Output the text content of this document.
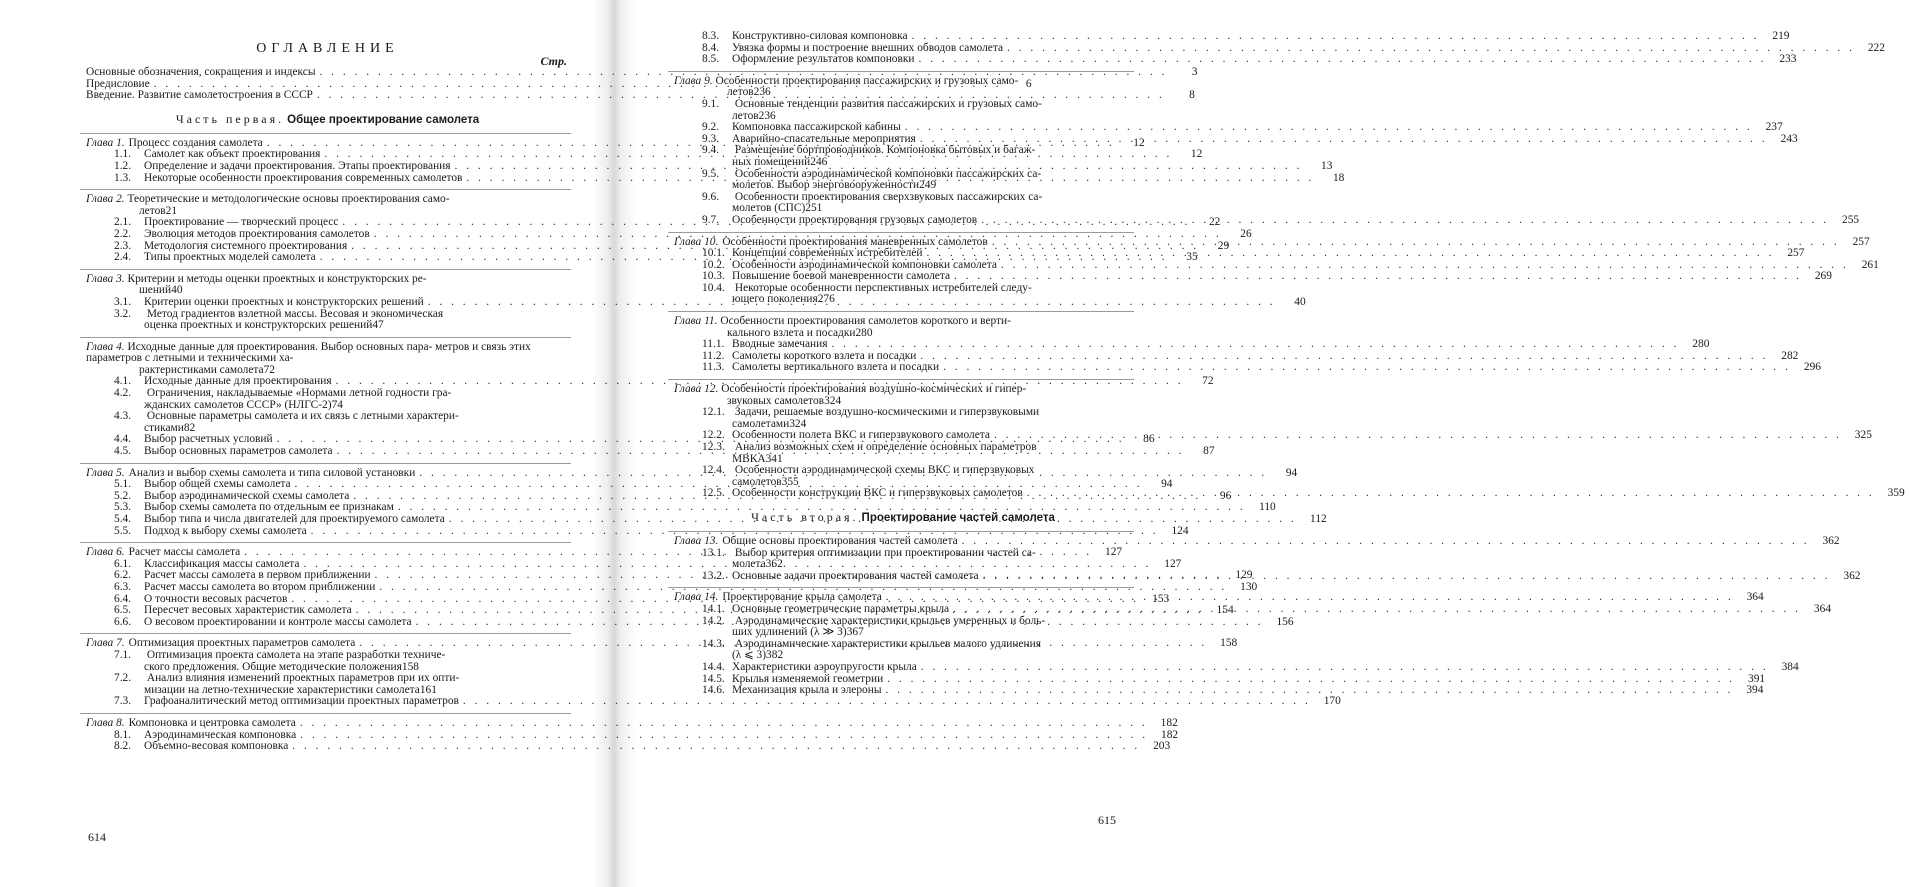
ОГЛАВЛЕНИЕ
Стр.
Основные обозначения, сокращения и индексы . . .	3
Предисловие . . .	6
Введение. Развитие самолетостроения в СССР . . .	8
Часть первая. Общее проектирование самолета
Глава 1. Процесс создания самолета . . .	12
1.1.	Самолет как объект проектирования . . .	12
1.2.	Определение и задачи проектирования. Этапы проектирования . . .	13
1.3.	Некоторые особенности проектирования современных самолетов . . .	18
Глава 2. Теоретические и методологические основы проектирования само-
летов 21
2.1.	Проектирование — творческий процесс . . .	22
2.2.	Эволюция методов проектирования самолетов . . .	26
2.3.	Методология системного проектирования . . .	29
2.4.	Типы проектных моделей самолета . . .	35
Глава 3. Критерии и методы оценки проектных и конструкторских ре-
шений 40
3.1.	Критерии оценки проектных и конструкторских решений . . .	40
3.2. Метод градиентов взлетной массы. Весовая и экономическая
оценка проектных и конструкторских решений 47
Глава 4. Исходные данные для проектирования. Выбор основных пара- метров и связь этих параметров с летными и техническими ха-
рактеристиками самолета 72
4.1.	Исходные данные для проектирования . . .	72
4.2. Ограничения, накладываемые «Нормами летной годности гра-
жданских самолетов СССР» (НЛГС-2) 74
4.3. Основные параметры самолета и их связь с летными характери-
стиками 82
4.4.	Выбор расчетных условий . . .	86
4.5.	Выбор основных параметров самолета . . .	87
Глава 5. Анализ и выбор схемы самолета и типа силовой установки . . .	94
5.1.	Выбор общей схемы самолета . . .	94
5.2.	Выбор аэродинамической схемы самолета . . .	96
5.3.	Выбор схемы самолета по отдельным ее признакам . . .	110
5.4.	Выбор типа и числа двигателей для проектируемого самолета . . .	112
5.5.	Подход к выбору схемы самолета . . .	124
Глава 6. Расчет массы самолета . . .	127
6.1.	Классификация массы самолета . . .	127
6.2.	Расчет массы самолета в первом приближении . . .	129
6.3.	Расчет массы самолета во втором приближении . . .	130
6.4.	О точности весовых расчетов . . .	153
6.5.	Пересчет весовых характеристик самолета . . .	154
6.6.	О весовом проектировании и контроле массы самолета . . .	156
Глава 7. Оптимизация проектных параметров самолета . . .	158
7.1. Оптимизация проекта самолета на этапе разработки техниче-
ского предложения. Общие методические положения 158
7.2. Анализ влияния изменений проектных параметров при их опти-
мизации на летно-технические характеристики самолета 161
7.3.	Графоаналитический метод оптимизации проектных параметров . . .	170
Глава 8. Компоновка и центровка самолета . . .	182
8.1.	Аэродинамическая компоновка . . .	182
8.2.	Объемно-весовая компоновка . . .	203
614
8.3.	Конструктивно-силовая компоновка . . .	219
8.4.	Увязка формы и построение внешних обводов самолета . . .	222
8.5.	Оформление результатов компоновки . . .	233
Глава 9. Особенности проектирования пассажирских и грузовых само-
летов 236
9.1. Основные тенденции развития пассажирских и грузовых само-
летов 236
9.2.	Компоновка пассажирской кабины . . .	237
9.3.	Аварийно-спасательные мероприятия . . .	243
9.4. Размещение бортпроводников. Компоновка бытовых и багаж-
ных помещений 246
9.5. Особенности аэродинамической компоновки пассажирских са-
молетов. Выбор энерговооруженности 249
9.6. Особенности проектирования сверхзвуковых пассажирских са-
молетов (СПС) 251
9.7.	Особенности проектирования грузовых самолетов . . .	255
Глава 10. Особенности проектирования маневренных самолетов . . .	257
10.1. Концепции современных истребителей . . .	257
10.2. Особенности аэродинамической компоновки самолета . . .	261
10.3. Повышение боевой маневренности самолета . . .	269
10.4. Некоторые особенности перспективных истребителей следу-
ющего поколения 276
Глава 11. Особенности проектирования самолетов короткого и верти-
кального взлета и посадки 280
11.1. Вводные замечания . . .	280
11.2. Самолеты короткого взлета и посадки . . .	282
11.3. Самолеты вертикального взлета и посадки . . .	296
Глава 12. Особенности проектирования воздушно-космических и гипер-
звуковых самолетов 324
12.1. Задачи, решаемые воздушно-космическими и гиперзвуковыми
самолетами 324
12.2. Особенности полета ВКС и гиперзвукового самолета . . .	325
12.3. Анализ возможных схем и определение основных параметров
МВКА 341
12.4. Особенности аэродинамической схемы ВКС и гиперзвуковых
самолетов 355
12.5. Особенности конструкции ВКС и гиперзвуковых самолетов . . .	359
Часть вторая. Проектирование частей самолета
Глава 13. Общие основы проектирования частей самолета . . .	362
13.1. Выбор критерия оптимизации при проектировании частей са-
молета 362
13.2. Основные задачи проектирования частей самолета . . .	362
Глава 14. Проектирование крыла самолета . . .	364
14.1. Основные геометрические параметры крыла . . .	364
14.2. Аэродинамические характеристики крыльев умеренных и боль-
ших удлинений (λ ≫ 3) 367
14.3. Аэродинамические характеристики крыльев малого удлинения
(λ ⩽ 3) 382
14.4. Характеристики аэроупругости крыла . . .	384
14.5. Крылья изменяемой геометрии . . .	391
14.6. Механизация крыла и элероны . . .	394
615
